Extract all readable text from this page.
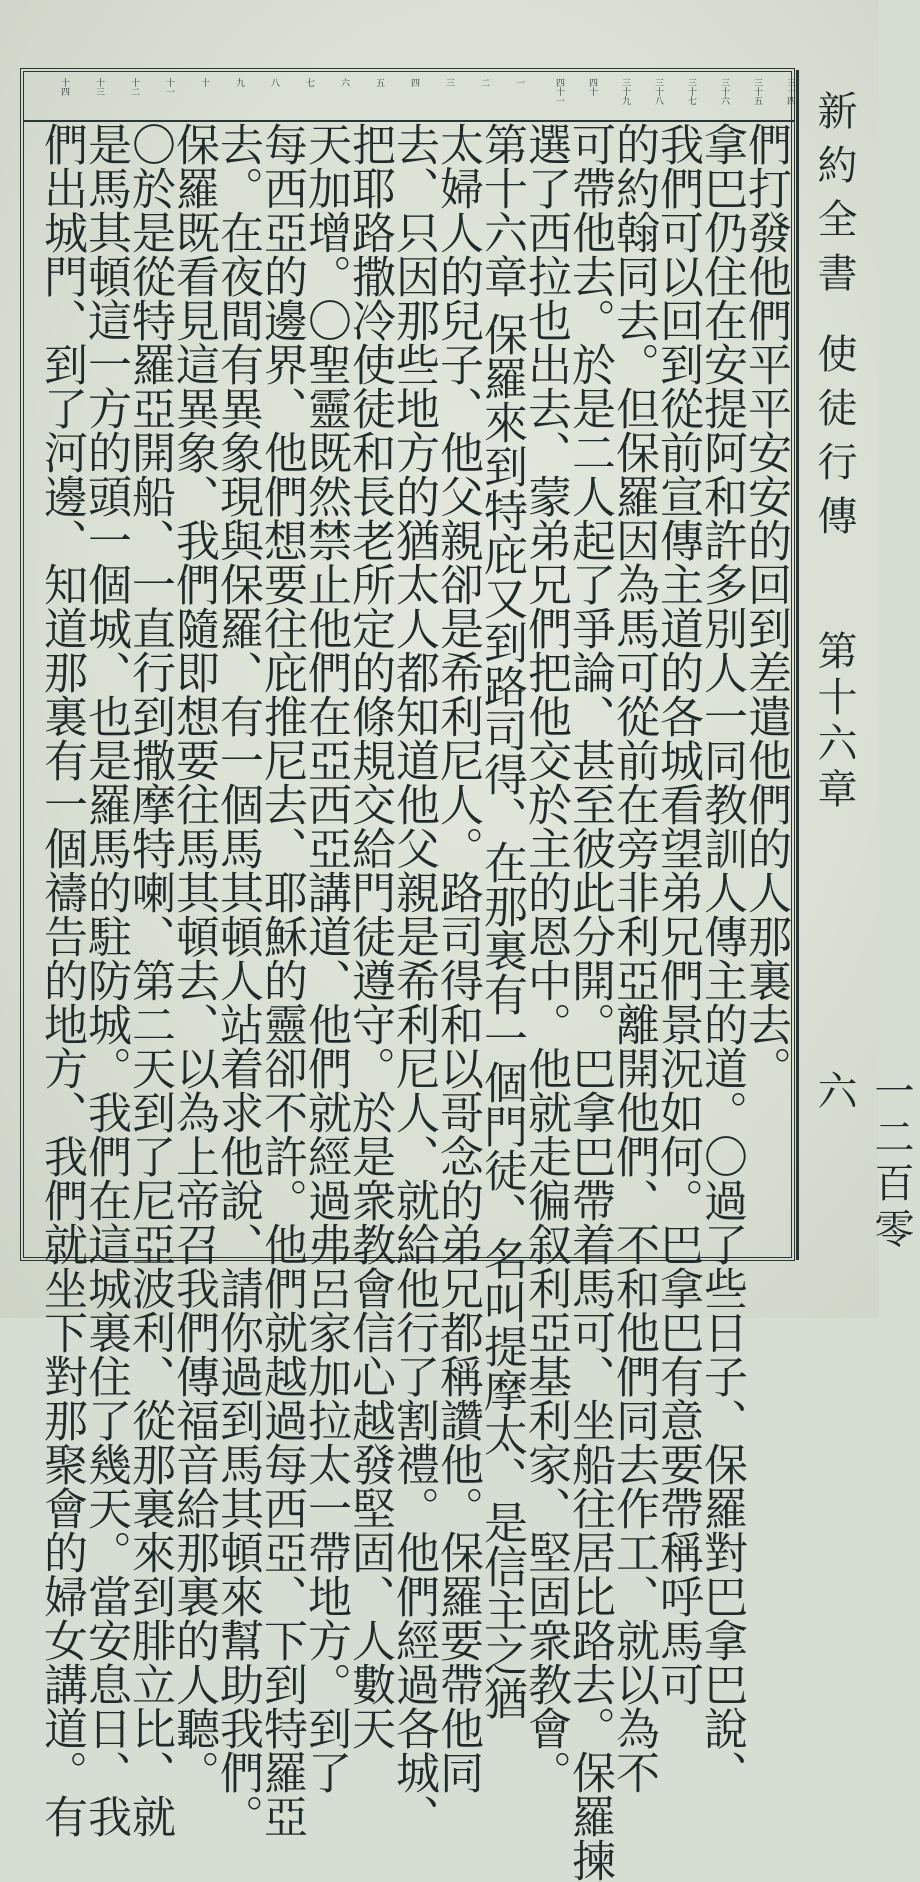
三十四
三十五
三十六
三十七
三十八
三十九
四十
四十一
一
二
三
四
五
六
七
八
九
十
十一
十二
十三
十四
們打發他們平平安安的回到差遣他們的人那裏去。
拿巴仍住在安提阿和許多別人一同教訓人傳主的道。〇過了些日子、保羅對巴拿巴說、
我們可以回到從前宣傳主道的各城看望弟兄們景況如何。巴拿巴有意要帶稱呼馬可
的約翰同去。但保羅因為馬可從前在旁非利亞離開他們、不和他們同去作工、就以為不
可帶他去。於是二人起了爭論、甚至彼此分開。巴拿巴帶着馬可、坐船往居比路去。保羅揀
選了西拉也出去、蒙弟兄們把他交於主的恩中。他就走徧叙利亞基利家、堅固衆教會。
第十六章 保羅來到特庇又到路司得、在那裏有一個門徒、名叫提摩太、是信主之猶
太婦人的兒子、他父親卻是希利尼人。路司得和以哥念的弟兄都稱讚他。保羅要帶他同
去、只因那些地方的猶太人都知道他父親是希利尼人、就給他行了割禮。他們經過各城、
把耶路撒冷使徒和長老所定的條規交給門徒遵守。於是衆教會信心越發堅固、人數天
天加增。〇聖靈既然禁止他們在亞西亞講道、他們就經過弗呂家加拉太一帶地方。到了
每西亞的邊界、他們想要往庇推尼去、耶穌的靈卻不許。他們就越過每西亞、下到特羅亞
去。在夜間有異象現與保羅、有一個馬其頓人站着求他說、請你過到馬其頓來幫助我們。
保羅既看見這異象、我們隨即想要往馬其頓去、以為上帝召我們傳福音給那裏的人聽。
〇於是從特羅亞開船、一直行到撒摩特喇、第二天到了尼亞波利、從那裏來到腓立比、就
是馬其頓這一方的頭一個城、也是羅馬的駐防城。我們在這城裏住了幾天。當安息日、我
們出城門、到了河邊、知道那裏有一個禱告的地方、我們就坐下對那聚會的婦女講道。有	新約全書 使徒行傳
第十六章
一二百零六
